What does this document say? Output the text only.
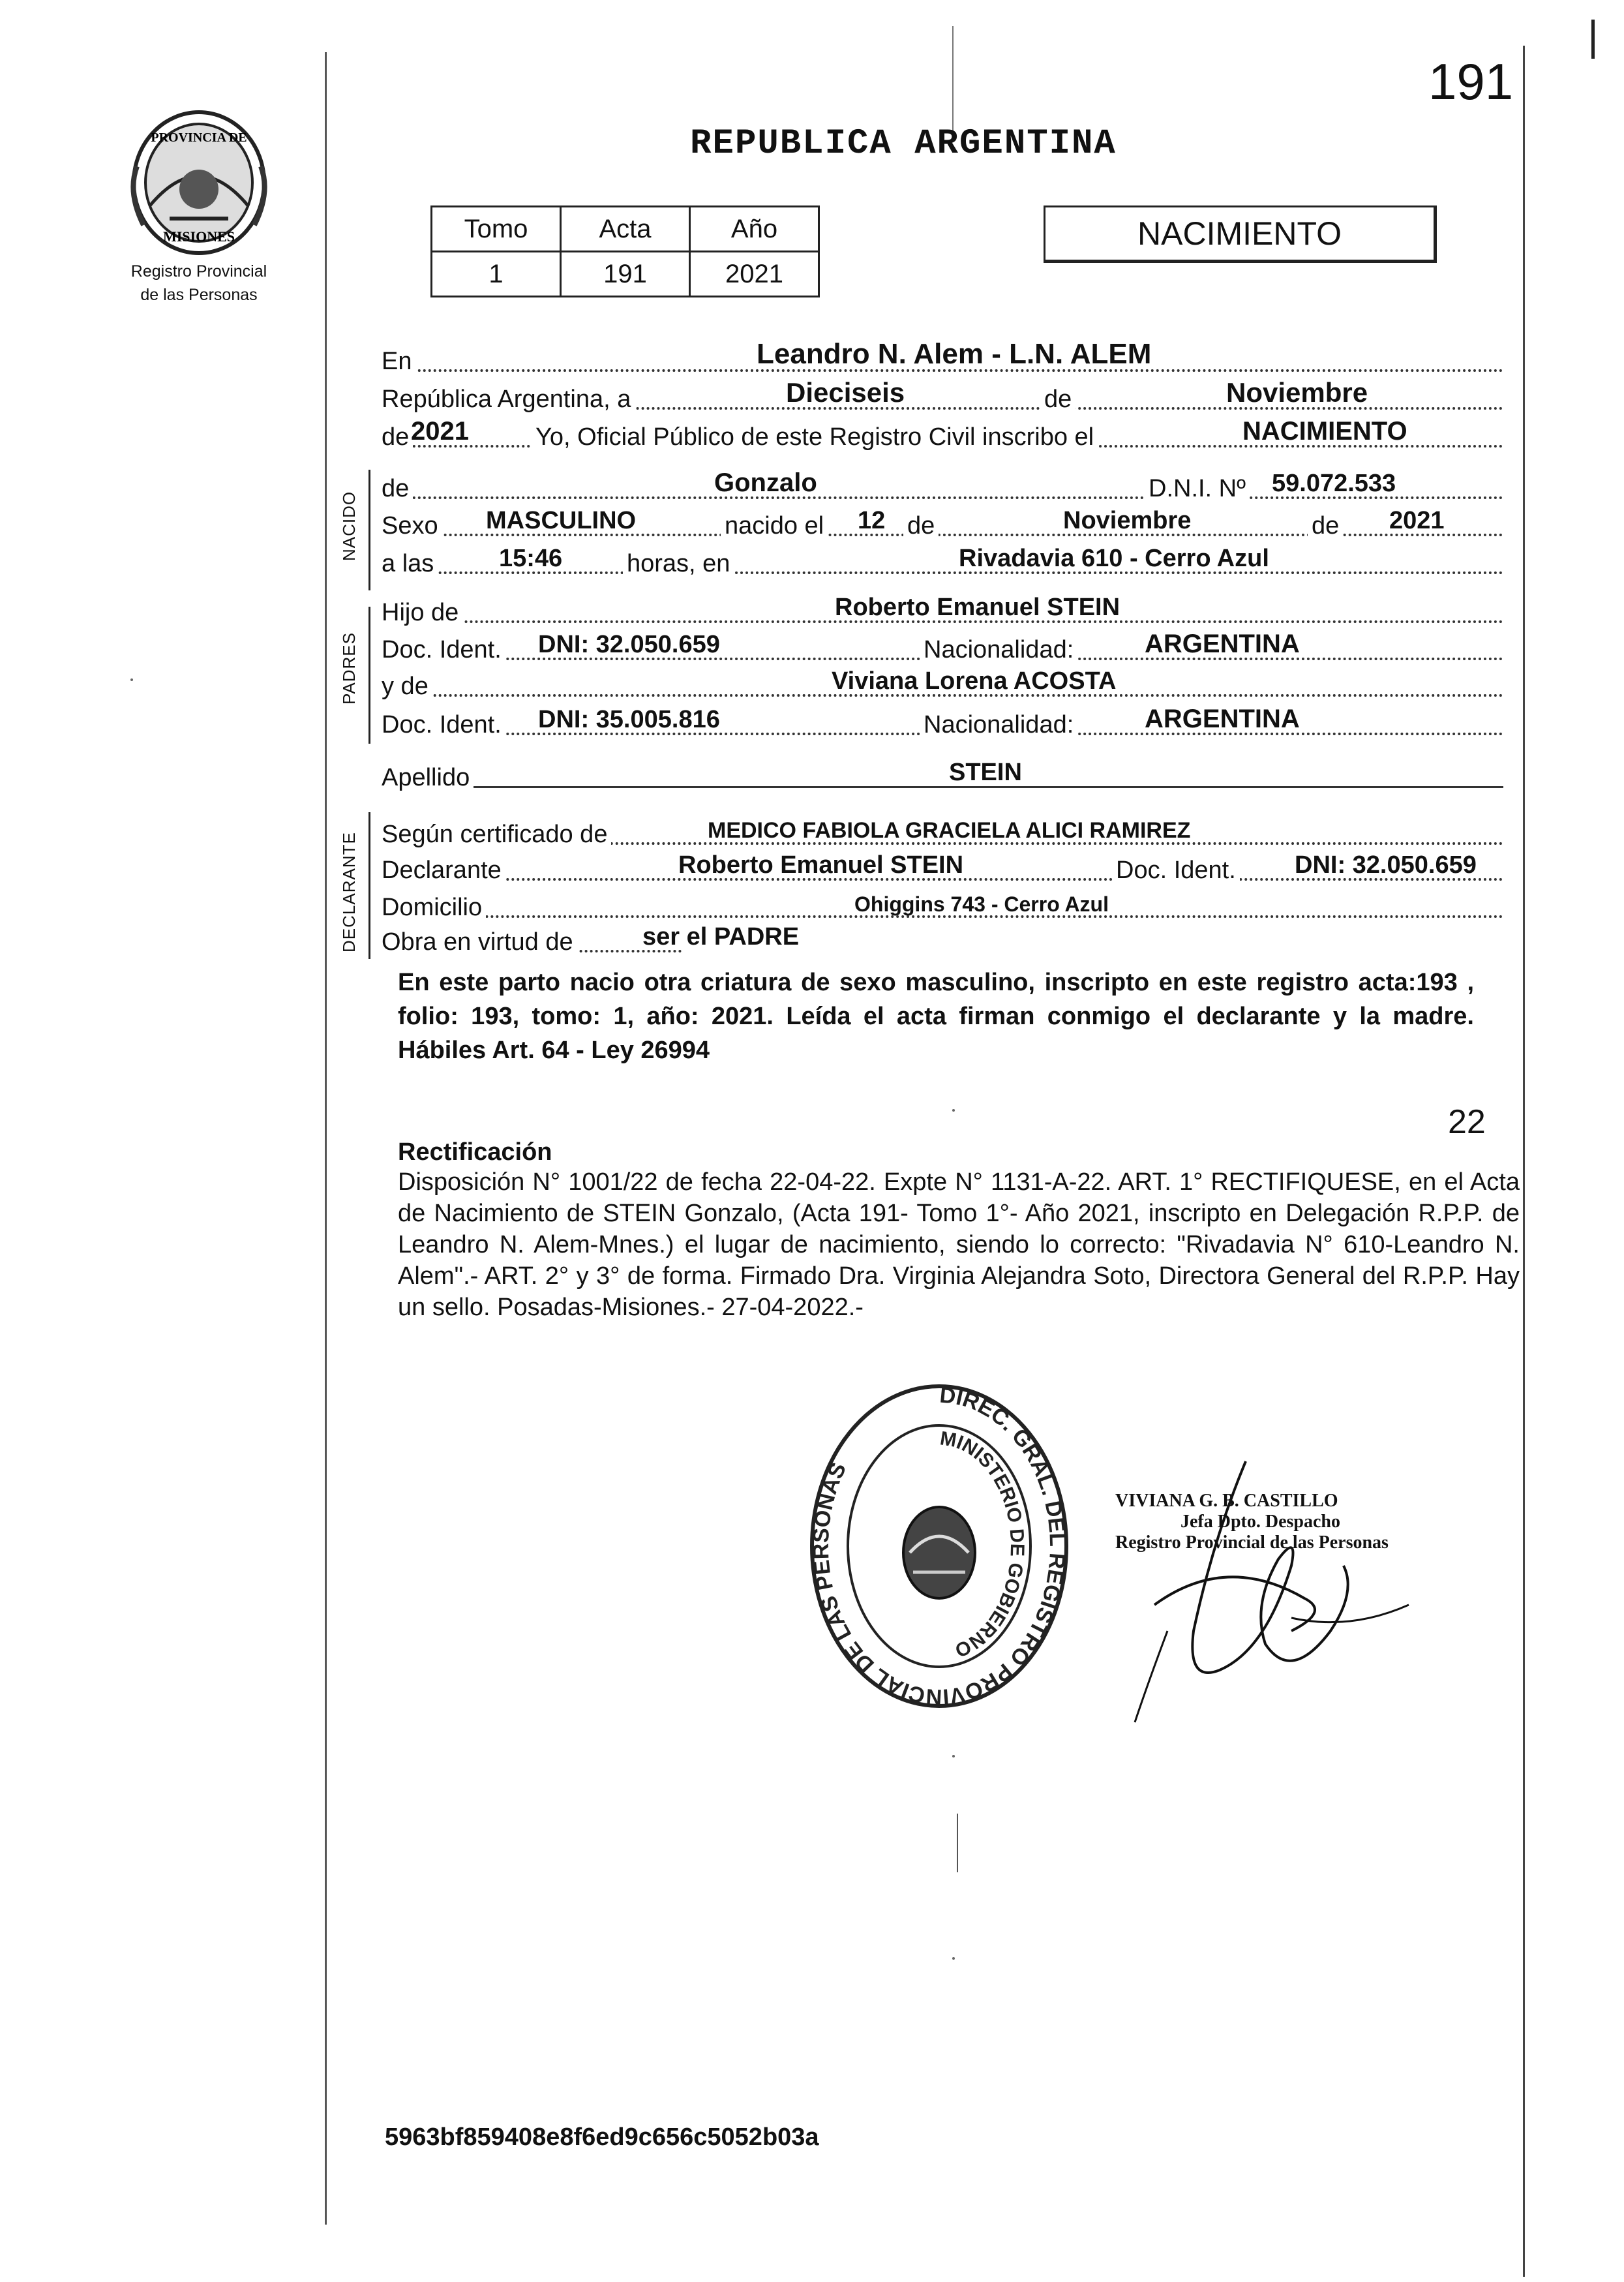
191
PROVINCIA DE
MISIONES
Registro Provincial
de las Personas
REPUBLICA ARGENTINA
Tomo	Acta	Año
1	191	2021
NACIMIENTO
En	Leandro N. Alem - L.N. ALEM
República Argentina, a	Dieciseis	de	Noviembre
de 2021	Yo, Oficial Público de este Registro Civil inscribo el	NACIMIENTO
NACIDO
de	Gonzalo	D.N.I. Nº 59.072.533
Sexo MASCULINO	nacido el 12 de	Noviembre	de 2021
a las	15:46	horas, en	Rivadavia 610 - Cerro Azul
PADRES
Hijo de	Roberto Emanuel STEIN
Doc. Ident. DNI: 32.050.659	Nacionalidad:	ARGENTINA
y de	Viviana Lorena ACOSTA
Doc. Ident. DNI: 35.005.816	Nacionalidad:	ARGENTINA
Apellido	STEIN
DECLARANTE Según certificado de	MEDICO FABIOLA GRACIELA ALICI RAMIREZ
Declarante	Roberto Emanuel STEIN	Doc. Ident. DNI: 32.050.659
Domicilio	Ohiggins 743 - Cerro Azul
Obra en virtud de	ser el PADRE
En este parto nacio otra criatura de sexo masculino, inscripto en este registro acta:193 , folio: 193, tomo: 1, año: 2021. Leída el acta firman conmigo el declarante y la madre. Hábiles Art. 64 - Ley 26994
22
Rectificación
Disposición N° 1001/22 de fecha 22-04-22. Expte N° 1131-A-22. ART. 1° RECTIFIQUESE, en el Acta de Nacimiento de STEIN Gonzalo, (Acta 191- Tomo 1°- Año 2021, inscripto en Delegación R.P.P. de Leandro N. Alem-Mnes.) el lugar de nacimiento, siendo lo correcto: "Rivadavia N° 610-Leandro N. Alem".- ART. 2° y 3° de forma. Firmado Dra. Virginia Alejandra Soto, Directora General del R.P.P. Hay un sello. Posadas-Misiones.- 27-04-2022.-
DIREC. GRAL. DEL REGISTRO PROVINCIAL DE LAS PERSONAS
MINISTERIO DE GOBIERNO
VIVIANA G. B. CASTILLO
Jefa Dpto. Despacho
Registro Provincial de las Personas
5963bf859408e8f6ed9c656c5052b03a
